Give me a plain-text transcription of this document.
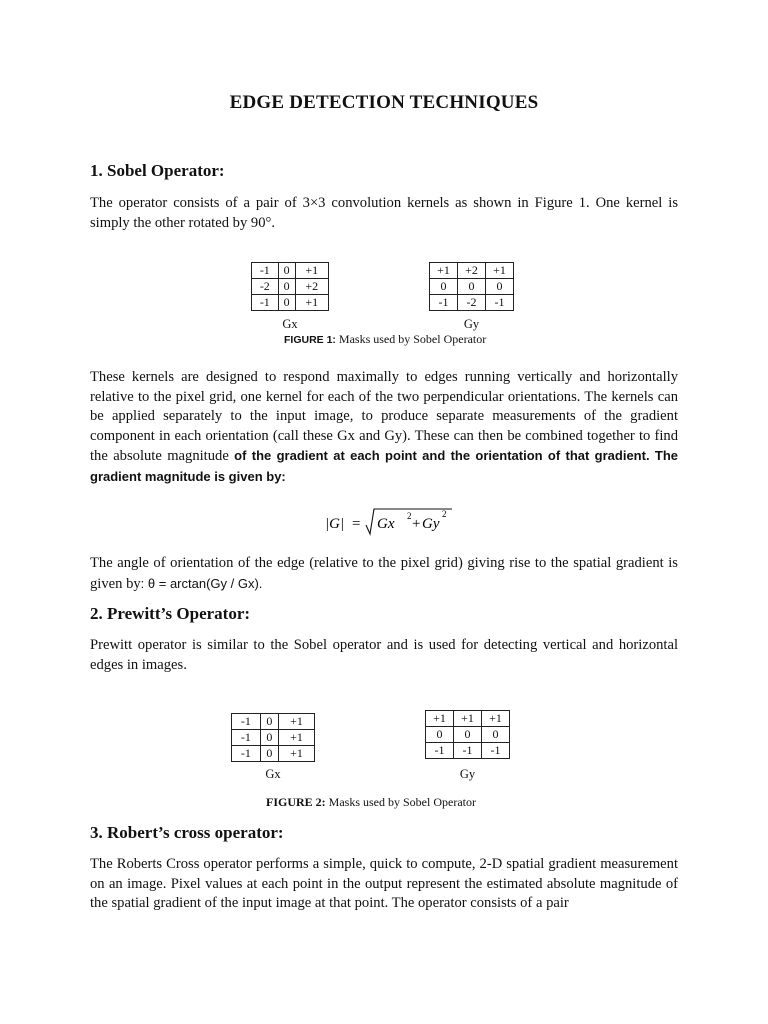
EDGE DETECTION TECHNIQUES
1. Sobel Operator:
The operator consists of a pair of 3×3 convolution kernels as shown in Figure 1. One kernel is simply the other rotated by 90°.
-1	0	+1
-2	0	+2
-1	0	+1
Gx
+1	+2	+1
0	0	0
-1	-2	-1
Gy
FIGURE 1: Masks used by Sobel Operator
These kernels are designed to respond maximally to edges running vertically and horizontally relative to the pixel grid, one kernel for each of the two perpendicular orientations. The kernels can be applied separately to the input image, to produce separate measurements of the gradient component in each orientation (call these Gx and Gy). These can then be combined together to find the absolute magnitude of the gradient at each point and the orientation of that gradient. The gradient magnitude is given by:
|G| = Gx 2 + Gy
2
The angle of orientation of the edge (relative to the pixel grid) giving rise to the spatial gradient is given by: θ = arctan(Gy / Gx).
2. Prewitt’s Operator:
Prewitt operator is similar to the Sobel operator and is used for detecting vertical and horizontal edges in images.
-1	0	+1
-1	0	+1
-1	0	+1
Gx
+1	+1	+1
0	0	0
-1	-1	-1
Gy
FIGURE 2: Masks used by Sobel Operator
3. Robert’s cross operator:
The Roberts Cross operator performs a simple, quick to compute, 2-D spatial gradient measurement on an image. Pixel values at each point in the output represent the estimated absolute magnitude of the spatial gradient of the input image at that point. The operator consists of a pair
